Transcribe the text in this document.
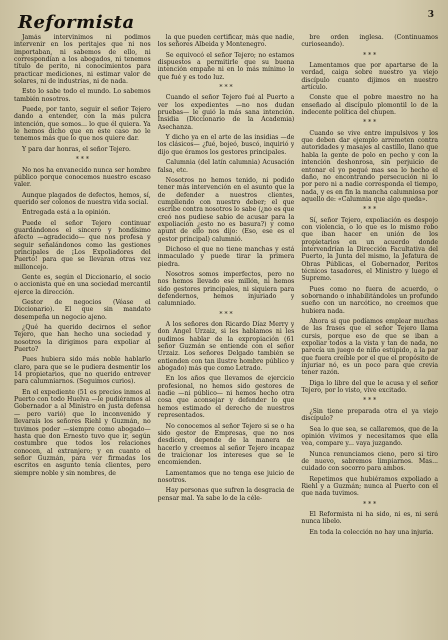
Reformista	3

Jamás intervinimos ni podimos intervenir en los peritajes que ni nos importaban, ni sabemos de ello, ni correspondían a los abogados, ni tenemos título de perito, ni conocimientos para practicar mediciones, ni estimar valor de solares, ni de industrias, ni de nada.

Esto lo sabe todo el mundo. Lo sabemos también nosotros.

Puede, por tanto, seguir el señor Tejero dando a entender, con la más pulcra intención, que somos... lo que él quiera. Ya le hemos dicho que en este caso no le tenemos más que lo que nos quiere dar.

Y para dar honras, el señor Tejero.

* * *

No nos ha envanecido nunca ser hombre público porque conocemos nuestro escaso valer.

Aunque plagados de defectos, hemos, sí, querido ser colonos de nuestra vida social.

Entregada está a la opinión.

Puede el señor Tejero continuar guardándonos el sincero y hondísimo afecto —agradecido— que nos profesa y seguir señalándonos como las gestiones principales de ¡Los Expoliadores del Puerto! para que se llevaran otras vez milloncejo.

Gente es, según el Diccionario, el socio o accionista que en una sociedad mercantil ejerce la dirección.

Gestor de negocios (Véase el Diccionario). El que sin mandato desempeña un negocio ajeno.

¿Qué ha querido decirnos el señor Tejero, que han hecho una sociedad y nosotros la dirigimos para expoliar al Puerto?

Pues hubiera sido más noble hablarlo claro, para que se le pudiera desmentir los 14 propietarios, que no querido entrever para calumniarnos. (Seguimos curios).

En el expediente (51 es precios inmos al Puerto con todo Huelva —le pudiéramos al Gobernador a al Ministro en justa defensa— pero varió) que lo inconvenido y llevarais los señores Riehl y Guzmán, no tuvimos poder —siempre como abogado— hasta que don Ernesto tuvo que ir, según costumbre que todos los relaciones conocen, al extranjero; y en cuanto el señor Guzmán, para ver firmadas los escritos en asgunto tenía clientes, pero siempre noble y sin nombres, de

la que pueden certificar, más que nadie, los señores Albeida y Montenegro.

Se equivocó el señor Tejero; no estamos dispuestos a permitirle que su buena intención empañe ni en lo más mínimo lo que fué y es todo luz.

* * *

Cuando el señor Tejero fué al Puerto a ver los expedientes —no nos dudan pruebas— le guió la más sana intención. Insidia (Diccionario de la Academia) Asechanza.

Y dicho ya en el arte de las insidias —de los clásicos— ¿fué, bojeó, buscó, inquirió y dijo que éramos los gestores principales.

Calumnia (del latín calumnia) Acusación falsa, etc.

Nosotros no hemos tenido, ni podido tener más intervención en el asunto que la de defender a nuestros clientes, cumpliendo con nuestro deber; el que escribe contra nosotros lo sabe (¿no es que creó nos pudiese sabio de acusar para la expoliación ¿esto no es basura?) y como apunt de ello nos dijo: (Eso, ese es el gestor principal) calumnió.

Dichoso el que no tiene manchas y está inmaculado y puede tirar la primera piedra.

Nosotros somos imperfectos, pero no nos hemos llevado ese millón, ni hemos sido gestores principales, ni siquiera para defendernos, hemos injuriado y calumniado.

* * *

A los señores don Ricardo Díaz Merry y don Angel Urzaiz, si les hablamos ni les pudimos hablar de la expropiación (61 señor Guzmán se entiende con el señor Urzaiz. Los señores Delgado también se entienden con tan ilustre hombre público y abogado) más que como Letrado.

En los años que llevamos de ejercicio profesional, no hemos sido gestores de nadie —ni público— ni hemos hecho otra cosa que aconsejar y defender lo que hemos estimado el derecho de nuestros representados.

No conocemos al señor Tejero si se o ha sido gestor de Empresas, que no nos desdicen, depende de la manera de hacerlo y creemos al señor Tejero incapaz de traicionar los intereses que se le encomienden.

Lamentamos que no tenga ese juicio de nosotros.

Hay personas que sufren la desgracia de pensar mal. Ya sabe lo de la céle-

bre orden inglesa. (Continuamos curioseando).

* * *

Lamentamos que por apartarse de la verdad, caiga sobre nuestro ya viejo discípulo cuanto dijimos en nuestro artículo.

Conste que el pobre maestro no ha enseñado al discípulo plomontil lo de la indecente política del chupen.

* * *

Cuando se vive entre impulsivos y los que deben dar ejemplo arremeten contra autoridades y masajes al castillo, llano que habla la gente de polo en pecho y con la intención deshonrosa, sin perjuicio de entonar el yo pequé mas sea lo hecho el daño, no encontrando persecución ni lo por pero ni a nadie corresponda el tiempo, nada, y es en fin la mancha calumniosa por aquello de: «Calumnia que algo queda».

* * *

Sí, señor Tejero, expoliación es despojo con violencia, o lo que es lo mismo robo que iban hacer en unión de los propietarios en un acuerdo donde intervendrían la Dirección Facultativa del Puerto, la Junta del mismo, la Jefatura de Obras Públicas, el Gobernador, Peritos técnicos tasadores, el Ministro y luego el Supremo.

Pues como no fuera de acuerdo, o sobornando o inhabilitándoles un profundo sueño con un narcótico, no creemos que hubiera nada.

Ahora si que podíamos emplear muchas de las frases que el señor Tejero llama cursis, porque eso de que se iban a expoliar todos a la vista y tan de nada, no parecía un juego de niño estúpido, a la par que fuera creíble por el que el propósito de injuriar nó, es un poco para que crevia tener razón.

Diga lo libre del que le acusa y el señor Tejero, por lo visto, vive excitado.

* * *

¿Sin tiene preparada otra el ya viejo discípulo?

Sea lo que sea, se callaremos, que de la opinión vivimos y necesitamos que ella vea, compare y... vaya juzgando.

Nunca renunciamos cieno, pero si tiro de nuevo, sabremos limpiarnos. Mas... cuidado con socorro para ambos.

Repetimos que hubiéramos expoliado a Riehl y a Guzmán; nunca al Puerto con el que nada tuvimos.

* * *

El Reformista ni ha sido, ni es, ni será nunca libelo.

En toda la colección no hay una injuria.
